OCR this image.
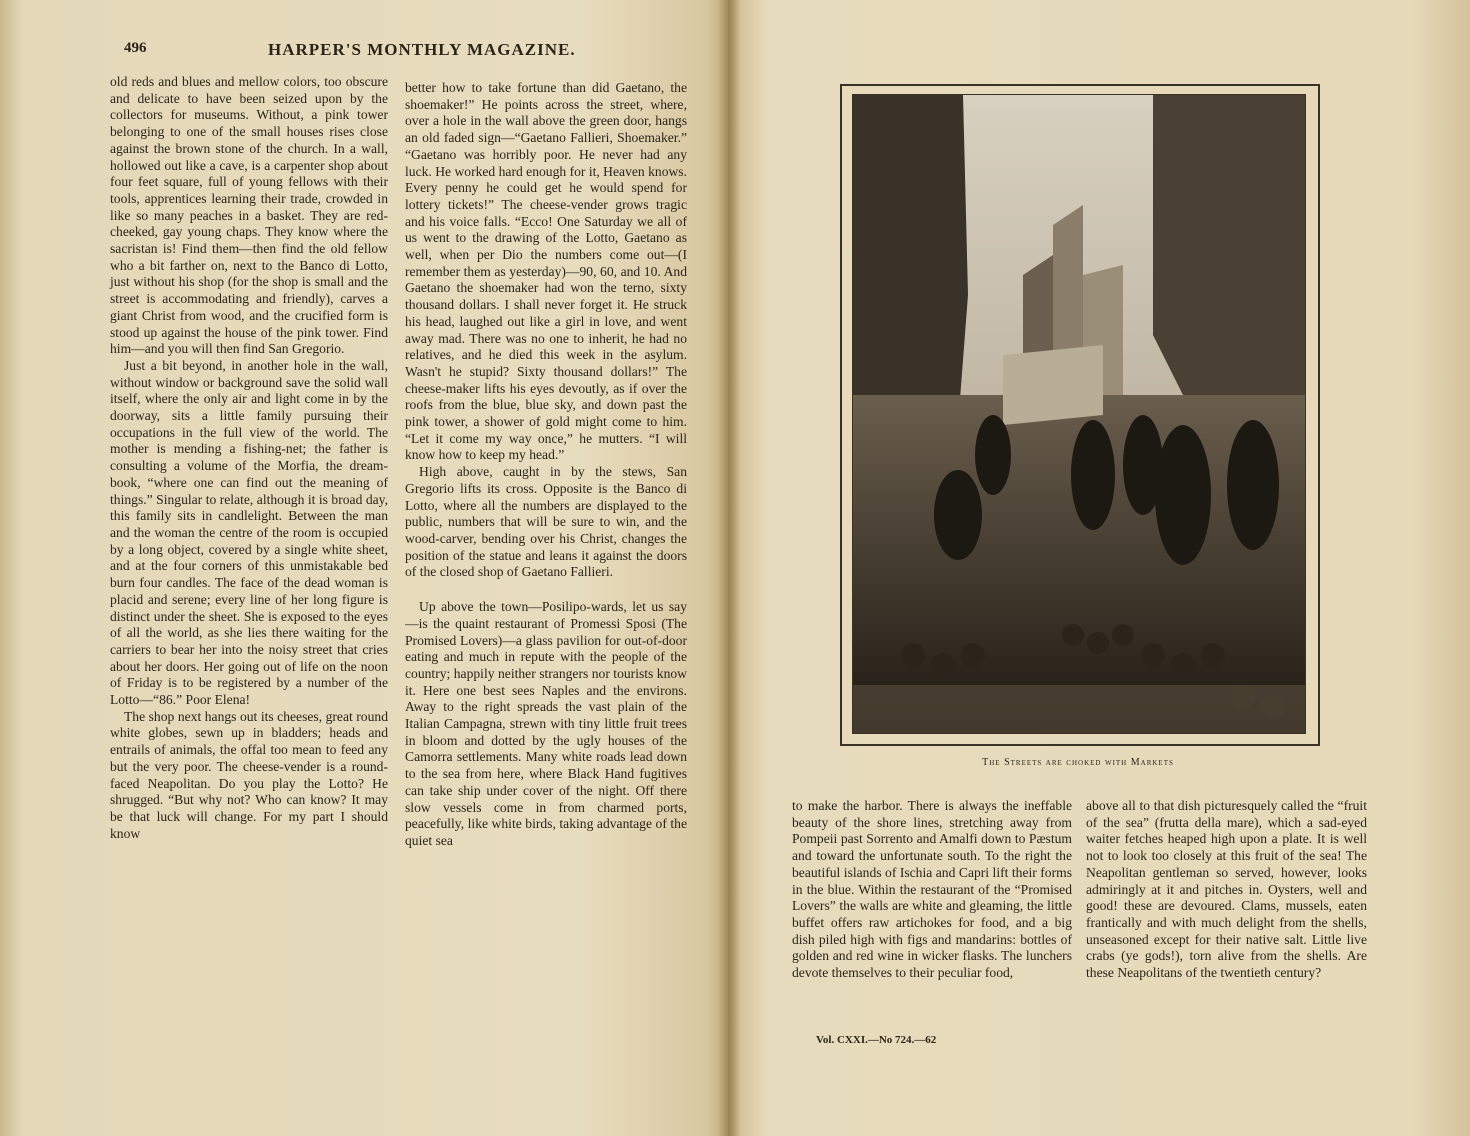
496	HARPER'S MONTHLY MAGAZINE.

old reds and blues and mellow colors, too obscure and delicate to have been seized upon by the collectors for museums. Without, a pink tower belonging to one of the small houses rises close against the brown stone of the church. In a wall, hollowed out like a cave, is a carpenter shop about four feet square, full of young fellows with their tools, apprentices learning their trade, crowded in like so many peaches in a basket. They are red-cheeked, gay young chaps. They know where the sacristan is! Find them—then find the old fellow who a bit farther on, next to the Banco di Lotto, just without his shop (for the shop is small and the street is accommodating and friendly), carves a giant Christ from wood, and the crucified form is stood up against the house of the pink tower. Find him—and you will then find San Gregorio.

Just a bit beyond, in another hole in the wall, without window or background save the solid wall itself, where the only air and light come in by the doorway, sits a little family pursuing their occupations in the full view of the world. The mother is mending a fishing-net; the father is consulting a volume of the Morfia, the dream-book, “where one can find out the meaning of things.” Singular to relate, although it is broad day, this family sits in candlelight. Between the man and the woman the centre of the room is occupied by a long object, covered by a single white sheet, and at the four corners of this unmistakable bed burn four candles. The face of the dead woman is placid and serene; every line of her long figure is distinct under the sheet. She is exposed to the eyes of all the world, as she lies there waiting for the carriers to bear her into the noisy street that cries about her doors. Her going out of life on the noon of Friday is to be registered by a number of the Lotto—“86.” Poor Elena!

The shop next hangs out its cheeses, great round white globes, sewn up in bladders; heads and entrails of animals, the offal too mean to feed any but the very poor. The cheese-vender is a round-faced Neapolitan. Do you play the Lotto? He shrugged. “But why not? Who can know? It may be that luck will change. For my part I should know

better how to take fortune than did Gaetano, the shoemaker!” He points across the street, where, over a hole in the wall above the green door, hangs an old faded sign—“Gaetano Fallieri, Shoemaker.” “Gaetano was horribly poor. He never had any luck. He worked hard enough for it, Heaven knows. Every penny he could get he would spend for lottery tickets!” The cheese-vender grows tragic and his voice falls. “Ecco! One Saturday we all of us went to the drawing of the Lotto, Gaetano as well, when per Dio the numbers come out—(I remember them as yesterday)—90, 60, and 10. And Gaetano the shoemaker had won the terno, sixty thousand dollars. I shall never forget it. He struck his head, laughed out like a girl in love, and went away mad. There was no one to inherit, he had no relatives, and he died this week in the asylum. Wasn't he stupid? Sixty thousand dollars!” The cheese-maker lifts his eyes devoutly, as if over the roofs from the blue, blue sky, and down past the pink tower, a shower of gold might come to him. “Let it come my way once,” he mutters. “I will know how to keep my head.”

High above, caught in by the stews, San Gregorio lifts its cross. Opposite is the Banco di Lotto, where all the numbers are displayed to the public, numbers that will be sure to win, and the wood-carver, bending over his Christ, changes the position of the statue and leans it against the doors of the closed shop of Gaetano Fallieri.

Up above the town—Posilipo-wards, let us say—is the quaint restaurant of Promessi Sposi (The Promised Lovers)—a glass pavilion for out-of-door eating and much in repute with the people of the country; happily neither strangers nor tourists know it. Here one best sees Naples and the environs. Away to the right spreads the vast plain of the Italian Campagna, strewn with tiny little fruit trees in bloom and dotted by the ugly houses of the Camorra settlements. Many white roads lead down to the sea from here, where Black Hand fugitives can take ship under cover of the night. Off there slow vessels come in from charmed ports, peacefully, like white birds, taking advantage of the quiet sea

The Streets are choked with Markets

to make the harbor. There is always the ineffable beauty of the shore lines, stretching away from Pompeii past Sorrento and Amalfi down to Pæstum and toward the unfortunate south. To the right the beautiful islands of Ischia and Capri lift their forms in the blue. Within the restaurant of the “Promised Lovers” the walls are white and gleaming, the little buffet offers raw artichokes for food, and a big dish piled high with figs and mandarins: bottles of golden and red wine in wicker flasks. The lunchers devote themselves to their peculiar food,

above all to that dish picturesquely called the “fruit of the sea” (frutta della mare), which a sad-eyed waiter fetches heaped high upon a plate. It is well not to look too closely at this fruit of the sea! The Neapolitan gentleman so served, however, looks admiringly at it and pitches in. Oysters, well and good! these are devoured. Clams, mussels, eaten frantically and with much delight from the shells, unseasoned except for their native salt. Little live crabs (ye gods!), torn alive from the shells. Are these Neapolitans of the twentieth century?

Vol. CXXI.—No 724.—62
